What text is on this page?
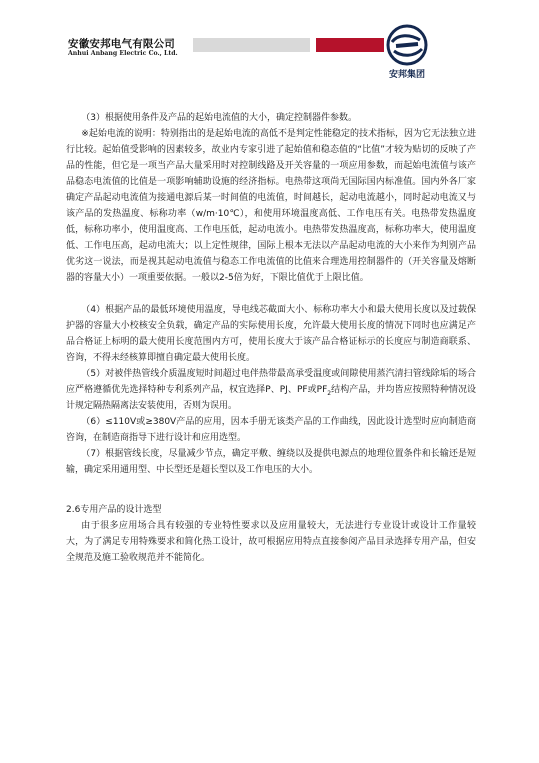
安徽安邦电气有限公司
Anhui Anbang Electric Co., Ltd.
安邦集团

（3）根据使用条件及产品的起始电流值的大小，确定控制器件参数。

※起始电流的说明：特别指出的是起始电流的高低不是判定性能稳定的技术指标，因为它无法独立进行比较。起始值受影响的因素较多，故业内专家引进了起始值和稳态值的“比值”才较为贴切的反映了产品的性能，但它是一项当产品大量采用时对控制线路及开关容量的一项应用参数，而起始电流值与该产品稳态电流值的比值是一项影响辅助设施的经济指标。电热带这项尚无国际国内标准值。国内外各厂家确定产品起动电流值为接通电源后某一时间值的电流值，时间越长，起动电流越小，同时起动电流又与该产品的发热温度、标称功率（w/m·10℃），和使用环境温度高低、工作电压有关。电热带发热温度低，标称功率小，使用温度高、工作电压低，起动电流小。电热带发热温度高，标称功率大，使用温度低、工作电压高，起动电流大；以上定性规律，国际上根本无法以产品起动电流的大小来作为判别产品优劣这一说法，而是视其起动电流值与稳态工作电流值的比值来合理选用控制器件的（开关容量及熔断器的容量大小）一项重要依据。一般以2-5倍为好，下限比值优于上限比值。

（4）根据产品的最低环境使用温度，导电线芯截面大小、标称功率大小和最大使用长度以及过载保护器的容量大小校核安全负载，确定产品的实际使用长度，允许最大使用长度的情况下同时也应满足产品合格证上标明的最大使用长度范围内方可，使用长度大于该产品合格证标示的长度应与制造商联系、咨询，不得未经核算即擅自确定最大使用长度。

（5）对被伴热管线介质温度短时间超过电伴热带最高承受温度或间隙使用蒸汽清扫管线除垢的场合应严格遵循优先选择特种专利系列产品，权宜选择P、PJ、PF或$PF_2$结构产品，并均皆应按照特种情况设计规定隔热隔离法安装使用，否则为误用。

（6）≤110V或≥380V产品的应用，因本手册无该类产品的工作曲线，因此设计选型时应向制造商咨询，在制造商指导下进行设计和应用选型。

（7）根据管线长度，尽量减少节点，确定平敷、缠绕以及提供电源点的地理位置条件和长输还是短输，确定采用通用型、中长型还是超长型以及工作电压的大小。

2.6专用产品的设计选型

由于很多应用场合具有较强的专业特性要求以及应用量较大，无法进行专业设计或设计工作量较大，为了满足专用特殊要求和简化热工设计，故可根据应用特点直接参阅产品目录选择专用产品，但安全规范及施工验收规范并不能简化。
